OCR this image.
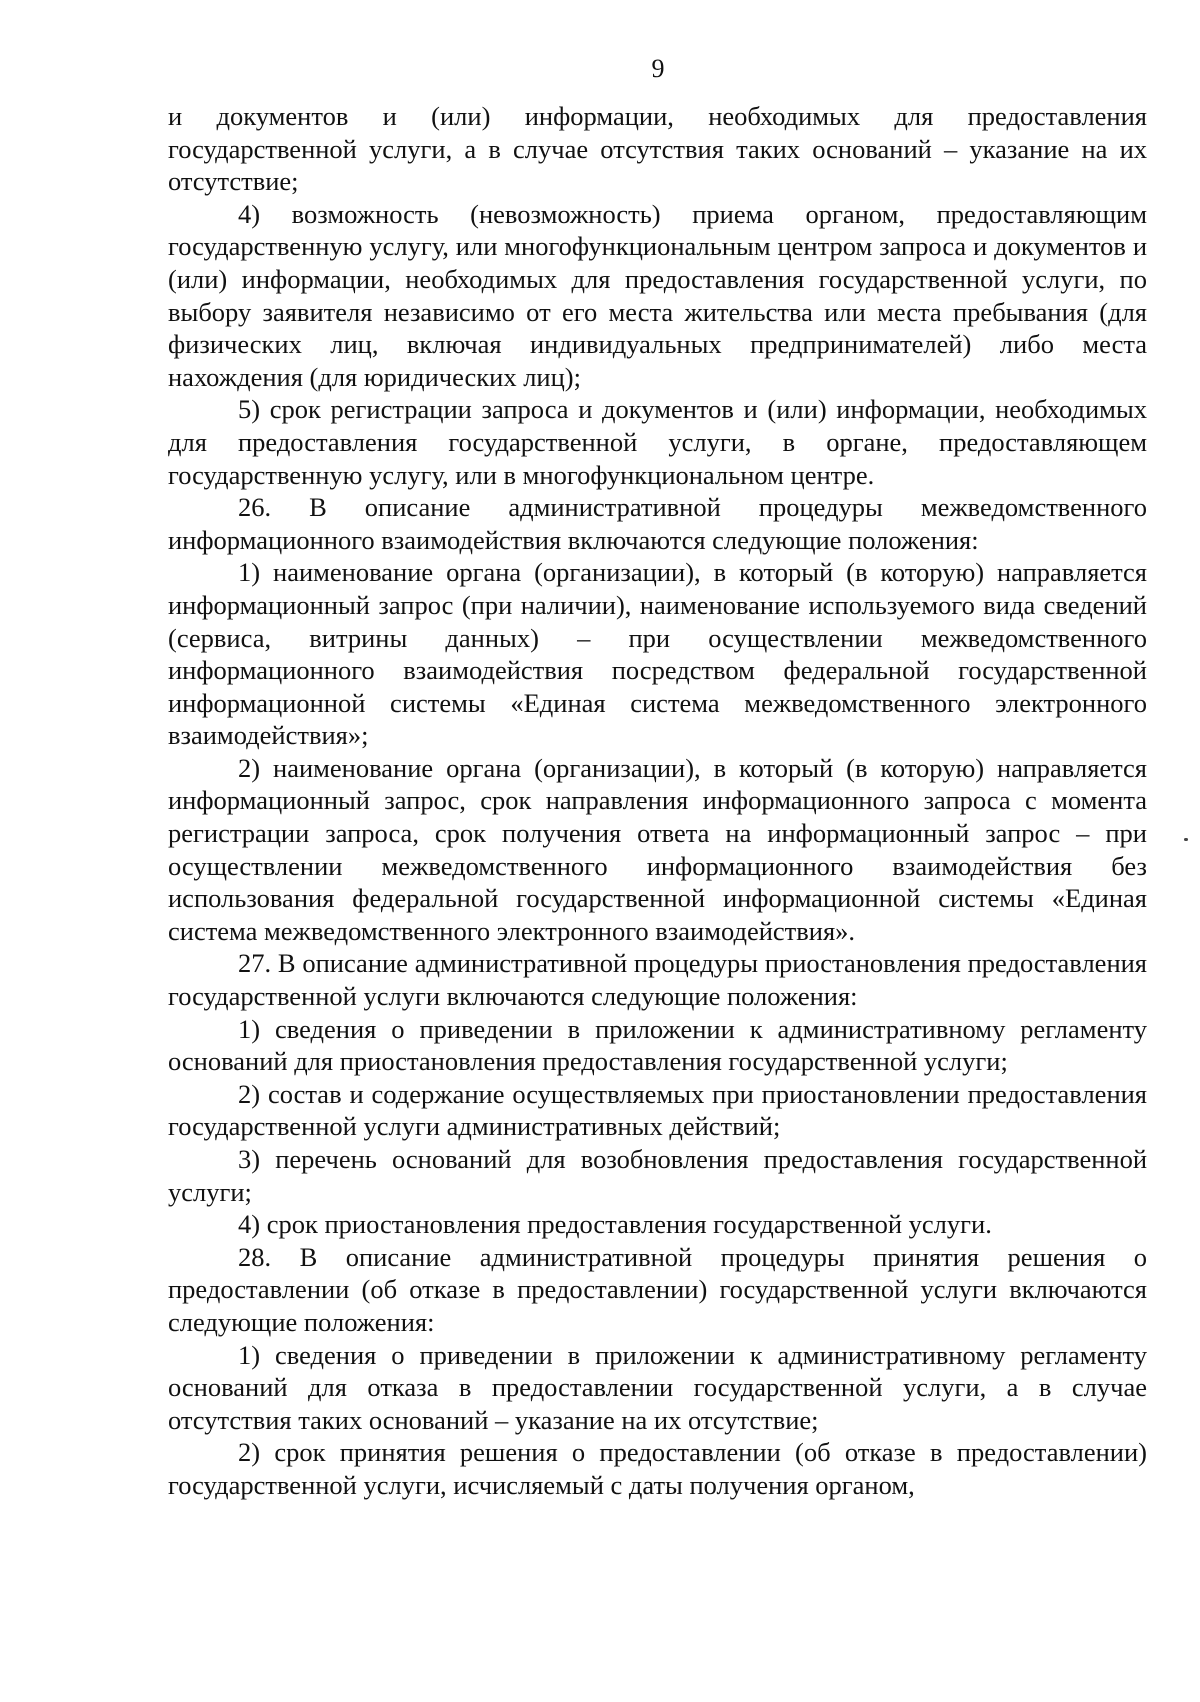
9

и документов и (или) информации, необходимых для предоставления государственной услуги, а в случае отсутствия таких оснований – указание на их отсутствие;

4) возможность (невозможность) приема органом, предоставляющим государственную услугу, или многофункциональным центром запроса и документов и (или) информации, необходимых для предоставления государственной услуги, по выбору заявителя независимо от его места жительства или места пребывания (для физических лиц, включая индивидуальных предпринимателей) либо места нахождения (для юридических лиц);

5) срок регистрации запроса и документов и (или) информации, необходимых для предоставления государственной услуги, в органе, предоставляющем государственную услугу, или в многофункциональном центре.

26. В описание административной процедуры межведомственного информационного взаимодействия включаются следующие положения:

1) наименование органа (организации), в который (в которую) направляется информационный запрос (при наличии), наименование используемого вида сведений (сервиса, витрины данных) – при осуществлении межведомственного информационного взаимодействия посредством федеральной государственной информационной системы «Единая система межведомственного электронного взаимодействия»;

2) наименование органа (организации), в который (в которую) направляется информационный запрос, срок направления информационного запроса с момента регистрации запроса, срок получения ответа на информационный запрос – при осуществлении межведомственного информационного взаимодействия без использования федеральной государственной информационной системы «Единая система межведомственного электронного взаимодействия».

27. В описание административной процедуры приостановления предоставления государственной услуги включаются следующие положения:

1) сведения о приведении в приложении к административному регламенту оснований для приостановления предоставления государственной услуги;

2) состав и содержание осуществляемых при приостановлении предоставления государственной услуги административных действий;

3) перечень оснований для возобновления предоставления государственной услуги;

4) срок приостановления предоставления государственной услуги.

28. В описание административной процедуры принятия решения о предоставлении (об отказе в предоставлении) государственной услуги включаются следующие положения:

1) сведения о приведении в приложении к административному регламенту оснований для отказа в предоставлении государственной услуги, а в случае отсутствия таких оснований – указание на их отсутствие;

2) срок принятия решения о предоставлении (об отказе в предоставлении) государственной услуги, исчисляемый с даты получения органом,
